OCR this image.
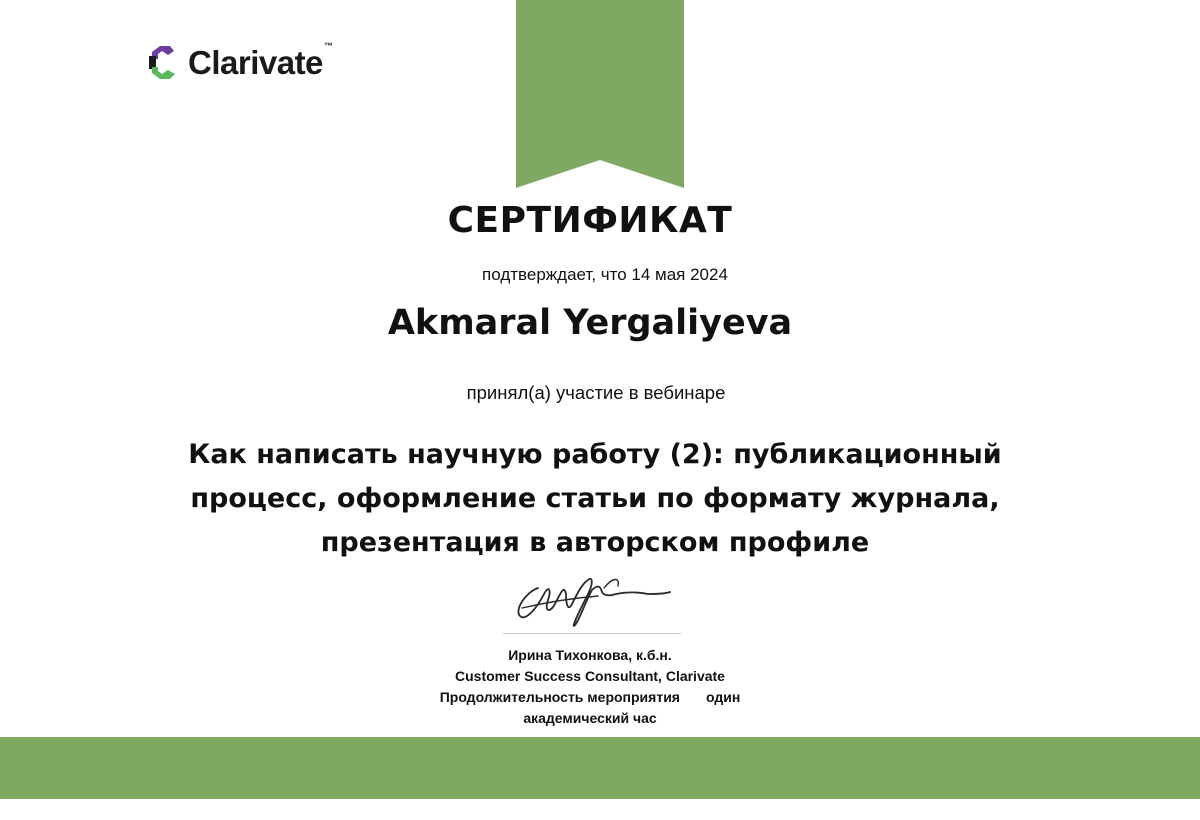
Clarivate™
СЕРТИФИКАТ
подтверждает, что 14 мая 2024
Akmaral Yergaliyeva
принял(а) участие в вебинаре
Как написать научную работу (2): публикационный процесс, оформление статьи по формату журнала, презентация в авторском профиле
Ирина Тихонкова, к.б.н.
Customer Success Consultant, Clarivate
Продолжительность мероприятия один
академический час
